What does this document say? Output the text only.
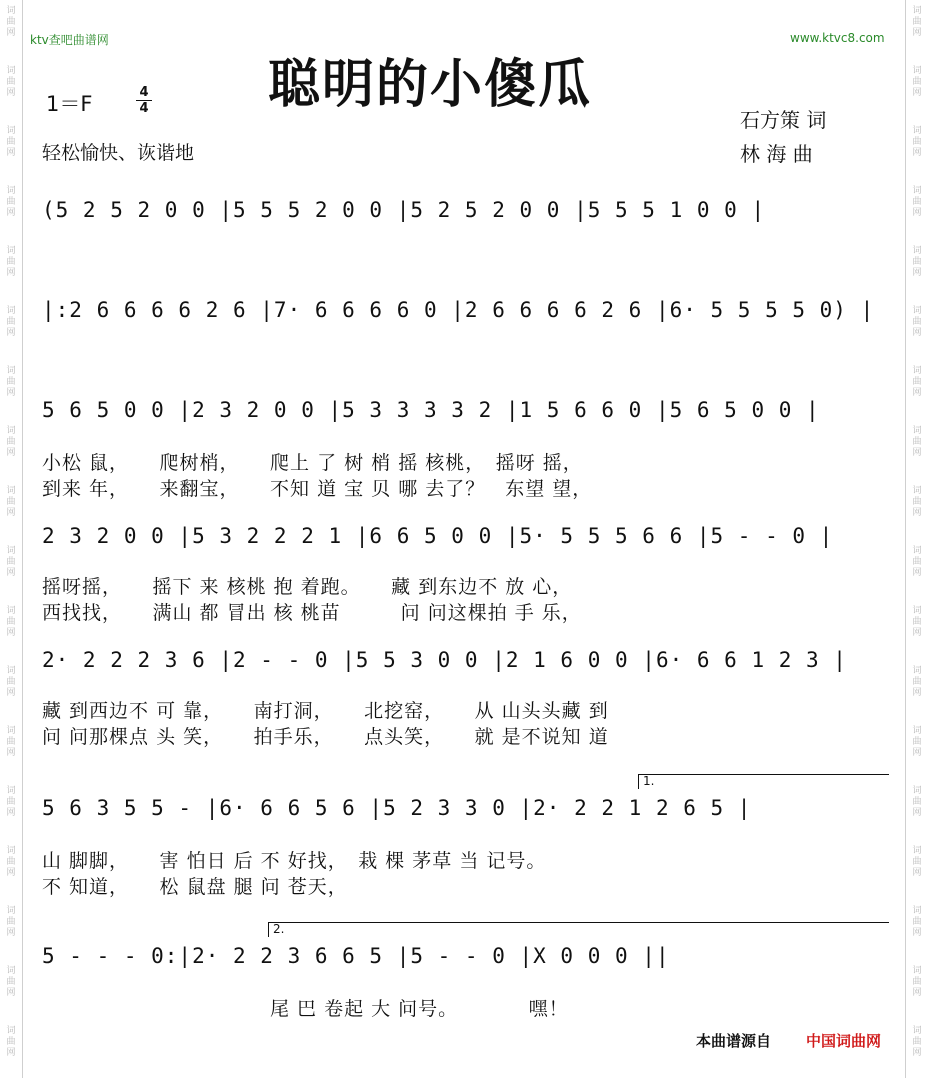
词
曲
网
词
曲
网
词
曲
网
词
曲
网
词
曲
网
词
曲
网
词
曲
网
词
曲
网
词
曲
网
词
曲
网
词
曲
网
词
曲
网
词
曲
网
词
曲
网
词
曲
网
词
曲
网
词
曲
网
词
曲
网
词
曲
网
词
曲
网
词
曲
网
词
曲
网
词
曲
网
词
曲
网
词
曲
网
词
曲
网
词
曲
网
词
曲
网
词
曲
网
词
曲
网
词
曲
网
词
曲
网
词
曲
网
词
曲
网
词
曲
网
词
曲
网
ktv查吧曲谱网	www.ktvc8.com
聪明的小傻瓜
1＝F	4
4
轻松愉快、诙谐地
石方策 词
林 海 曲
(5 2 5 2 0 0 |5 5 5 2 0 0 |5 2 5 2 0 0 |5 5 5 1 0 0 |
|:2 6 6 6 6 2 6 |7· 6 6 6 6 0 |2 6 6 6 6 2 6 |6· 5 5 5 5 0) |
5 6 5 0 0 |2 3 2 0 0 |5 3 3 3 3 2 |1 5 6 6 0 |5 6 5 0 0 |
小松 鼠，　　爬树梢，　　爬上 了 树 梢 摇 核桃，　摇呀 摇，
到来 年，　　来翻宝，　　不知 道 宝 贝 哪 去了？　东望 望，
2 3 2 0 0 |5 3 2 2 2 1 |6 6 5 0 0 |5· 5 5 5 6 6 |5 - - 0 |
摇呀摇，　　摇下 来 核桃 抱 着跑。　　藏 到东边不 放 心，
西找找，　　满山 都 冒出 核 桃苗　　　问 问这棵拍 手 乐，
2· 2 2 2 3 6 |2 - - 0 |5 5 3 0 0 |2 1 6 0 0 |6· 6 6 1 2 3 |
藏 到西边不 可 靠，　　南打洞，　　北挖窑，　　从 山头头藏 到
问 问那棵点 头 笑，　　拍手乐，　　点头笑，　　就 是不说知 道
1.
5 6 3 5 5 - |6· 6 6 5 6 |5 2 3 3 0 |2· 2 2 1 2 6 5 |
山 脚脚，　　害 怕日 后 不 好找，　栽 棵 茅草 当 记号。
不 知道，　　松 鼠盘 腿 问 苍天，
2.
5 - - - 0:|2· 2 2 3 6 6 5 |5 - - 0 |X 0 0 0 ||
尾 巴 卷起 大 问号。　　　　嘿！
本曲谱源自 中国词曲网
